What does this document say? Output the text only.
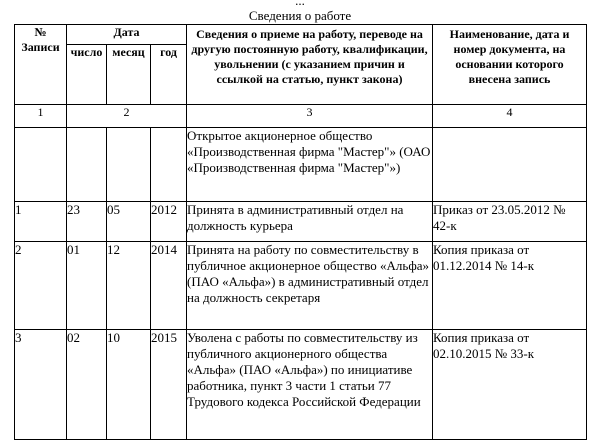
...
Сведения о работе
№ Записи	Дата			Сведения о приеме на работу, переводе на другую постоянную работу, квалификации, увольнении (с указанием причин и ссылкой на статью, пункт закона)	Наименование, дата и номер документа, на основании которого внесена запись
	число	месяц	год		
1	2			3	4
				Открытое акционерное общество «Производственная фирма "Мастер"» (ОАО «Производственная фирма "Мастер"»)	
1	23	05	2012	Принята в административный отдел на должность курьера	Приказ от 23.05.2012 № 42-к
2	01	12	2014	Принята на работу по совместительству в публичное акционерное общество «Альфа» (ПАО «Альфа») в административный отдел на должность секретаря	Копия приказа от 01.12.2014 № 14-к
3	02	10	2015	Уволена с работы по совместительству из публичного акционерного общества «Альфа» (ПАО «Альфа») по инициативе работника, пункт 3 части 1 статьи 77 Трудового кодекса Российской Федерации	Копия приказа от 02.10.2015 № 33-к
